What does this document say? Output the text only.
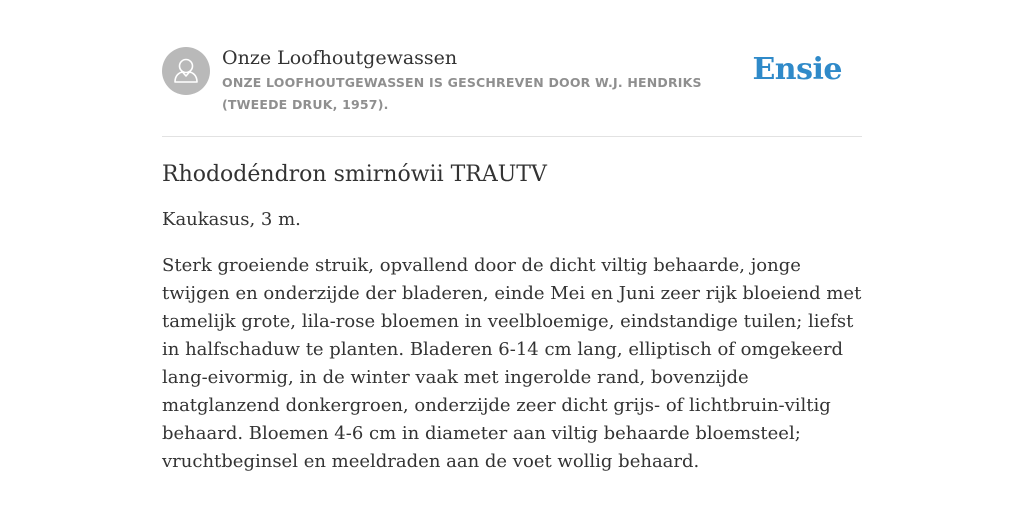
Onze Loofhoutgewassen

ONZE LOOFHOUTGEWASSEN IS GESCHREVEN DOOR W.J. HENDRIKS (TWEEDE DRUK, 1957).

Ensie
Rhododéndron smirnówii TRAUTV

Kaukasus, 3 m.

Sterk groeiende struik, opvallend door de dicht viltig behaarde, jonge twijgen en onderzijde der bladeren, einde Mei en Juni zeer rijk bloeiend met tamelijk grote, lila-rose bloemen in veelbloemige, eindstandige tuilen; liefst in halfschaduw te planten. Bladeren 6-14 cm lang, elliptisch of omgekeerd lang-eivormig, in de winter vaak met ingerolde rand, bovenzijde matglanzend donkergroen, onderzijde zeer dicht grijs- of lichtbruin-viltig behaard. Bloemen 4-6 cm in diameter aan viltig behaarde bloemsteel; vruchtbeginsel en meeldraden aan de voet wollig behaard.
